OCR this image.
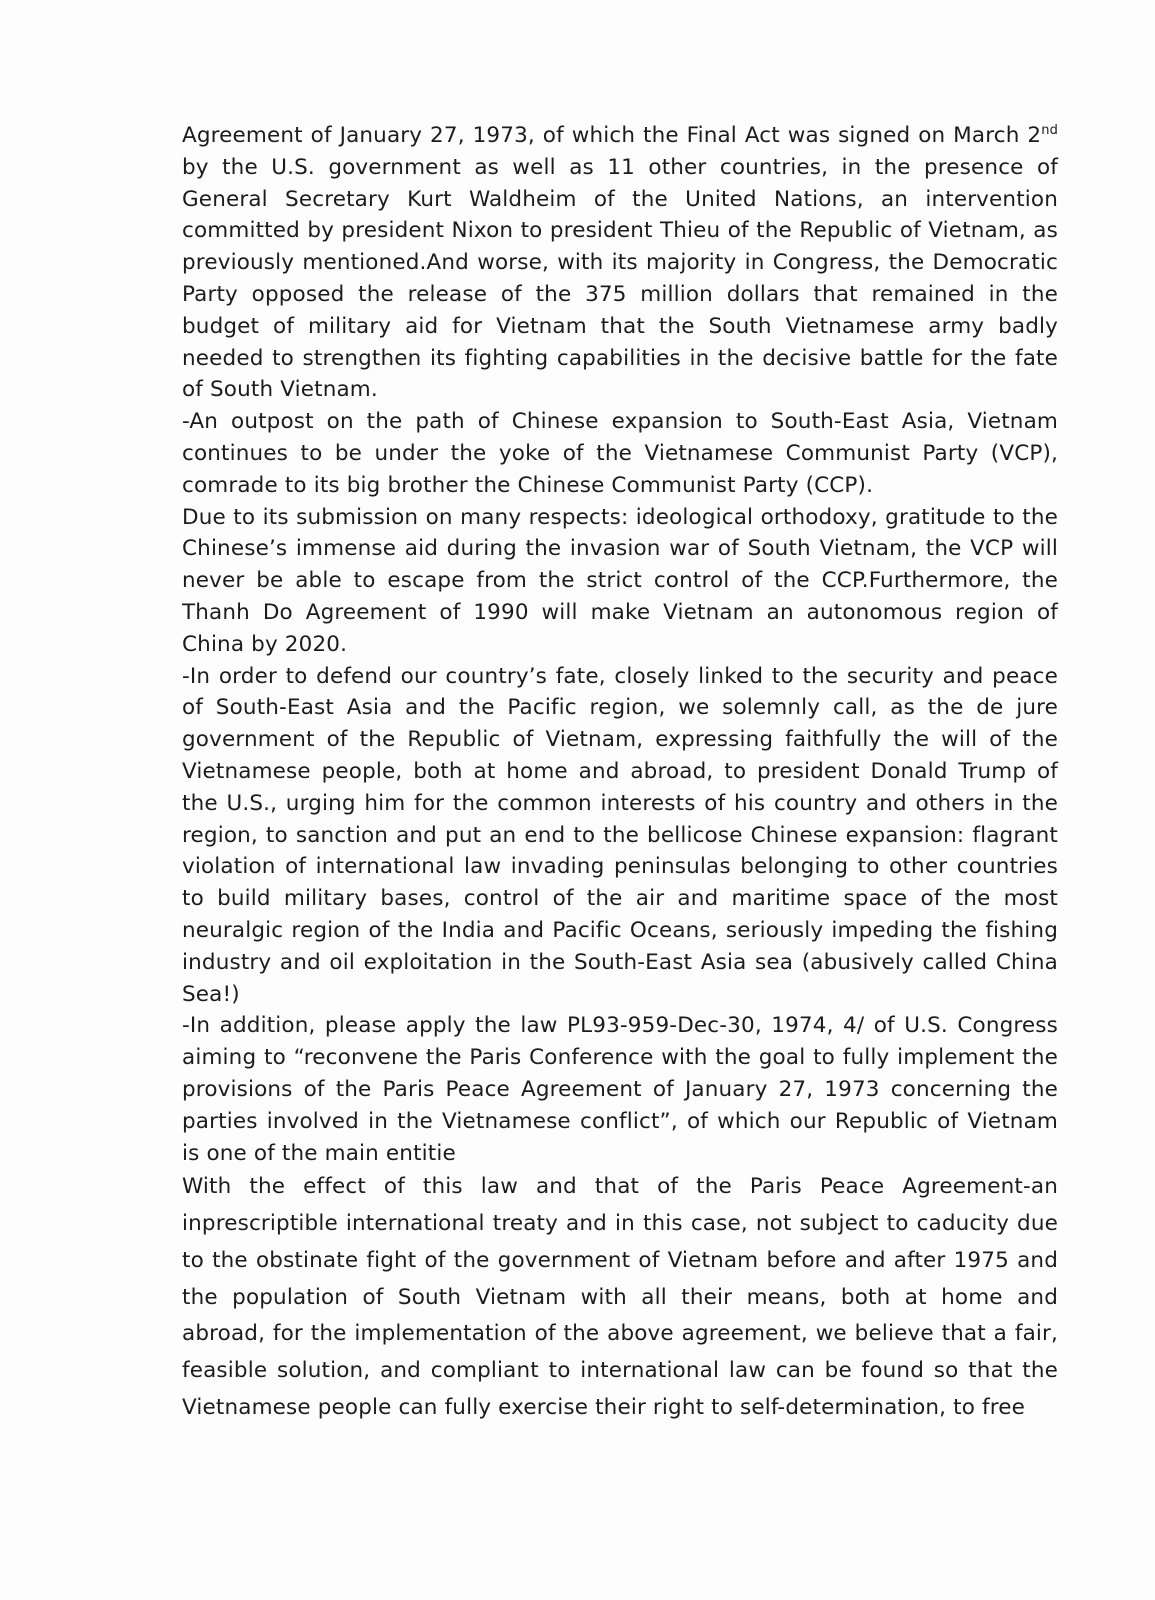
Agreement of January 27, 1973, of which the Final Act was signed on March 2nd by the U.S. government as well as 11 other countries, in the presence of General Secretary Kurt Waldheim of the United Nations, an intervention committed by president Nixon to president Thieu of the Republic of Vietnam, as previously mentioned.And worse, with its majority in Congress, the Democratic Party opposed the release of the 375 million dollars that remained in the budget of military aid for Vietnam that the South Vietnamese army badly needed to strengthen its fighting capabilities in the decisive battle for the fate of South Vietnam.

-An outpost on the path of Chinese expansion to South-East Asia, Vietnam continues to be under the yoke of the Vietnamese Communist Party (VCP), comrade to its big brother the Chinese Communist Party (CCP).

Due to its submission on many respects: ideological orthodoxy, gratitude to the Chinese’s immense aid during the invasion war of South Vietnam, the VCP will never be able to escape from the strict control of the CCP.Furthermore, the Thanh Do Agreement of 1990 will make Vietnam an autonomous region of China by 2020.

-In order to defend our country’s fate, closely linked to the security and peace of South-East Asia and the Pacific region, we solemnly call, as the de jure government of the Republic of Vietnam, expressing faithfully the will of the Vietnamese people, both at home and abroad, to president Donald Trump of the U.S., urging him for the common interests of his country and others in the region, to sanction and put an end to the bellicose Chinese expansion: flagrant violation of international law invading peninsulas belonging to other countries to build military bases, control of the air and maritime space of the most neuralgic region of the India and Pacific Oceans, seriously impeding the fishing industry and oil exploitation in the South-East Asia sea (abusively called China Sea!)

-In addition, please apply the law PL93-959-Dec-30, 1974, 4/ of U.S. Congress aiming to “reconvene the Paris Conference with the goal to fully implement the provisions of the Paris Peace Agreement of January 27, 1973 concerning the parties involved in the Vietnamese conflict”, of which our Republic of Vietnam is one of the main entitie

With the effect of this law and that of the Paris Peace Agreement-an inprescriptible international treaty and in this case, not subject to caducity due to the obstinate fight of the government of Vietnam before and after 1975 and the population of South Vietnam with all their means, both at home and abroad, for the implementation of the above agreement, we believe that a fair, feasible solution, and compliant to international law can be found so that the Vietnamese people can fully exercise their right to self-determination, to free
